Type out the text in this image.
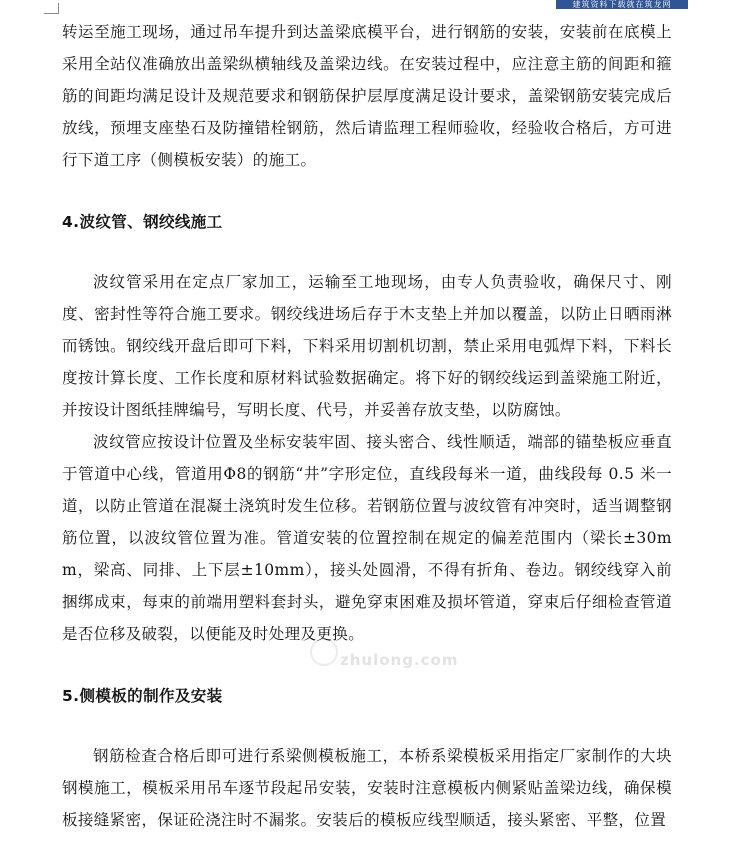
建筑资料下载就在筑龙网
zhulong.com

转运至施工现场，通过吊车提升到达盖梁底模平台，进行钢筋的安装，安装前在底模上采用全站仪准确放出盖梁纵横轴线及盖梁边线。在安装过程中，应注意主筋的间距和箍筋的间距均满足设计及规范要求和钢筋保护层厚度满足设计要求，盖梁钢筋安装完成后放线，预埋支座垫石及防撞错栓钢筋，然后请监理工程师验收，经验收合格后，方可进行下道工序（侧模板安装）的施工。

4.波纹管、钢绞线施工

波纹管采用在定点厂家加工，运输至工地现场，由专人负责验收，确保尺寸、刚度、密封性等符合施工要求。钢绞线进场后存于木支垫上并加以覆盖，以防止日晒雨淋而锈蚀。钢绞线开盘后即可下料，下料采用切割机切割，禁止采用电弧焊下料，下料长度按计算长度、工作长度和原材料试验数据确定。将下好的钢绞线运到盖梁施工附近，并按设计图纸挂牌编号，写明长度、代号，并妥善存放支垫，以防腐蚀。

波纹管应按设计位置及坐标安装牢固、接头密合、线性顺适，端部的锚垫板应垂直于管道中心线，管道用Φ8的钢筋“井”字形定位，直线段每米一道，曲线段每 0.5 米一道，以防止管道在混凝土浇筑时发生位移。若钢筋位置与波纹管有冲突时，适当调整钢筋位置，以波纹管位置为准。管道安装的位置控制在规定的偏差范围内（梁长±30mm，梁高、同排、上下层±10mm），接头处圆滑，不得有折角、卷边。钢绞线穿入前捆绑成束，每束的前端用塑料套封头，避免穿束困难及损坏管道，穿束后仔细检查管道是否位移及破裂，以便能及时处理及更换。

5.侧模板的制作及安装

钢筋检查合格后即可进行系梁侧模板施工，本桥系梁模板采用指定厂家制作的大块钢模施工，模板采用吊车逐节段起吊安装，安装时注意模板内侧紧贴盖梁边线，确保模板接缝紧密，保证砼浇注时不漏浆。安装后的模板应线型顺适，接头紧密、平整，位置
